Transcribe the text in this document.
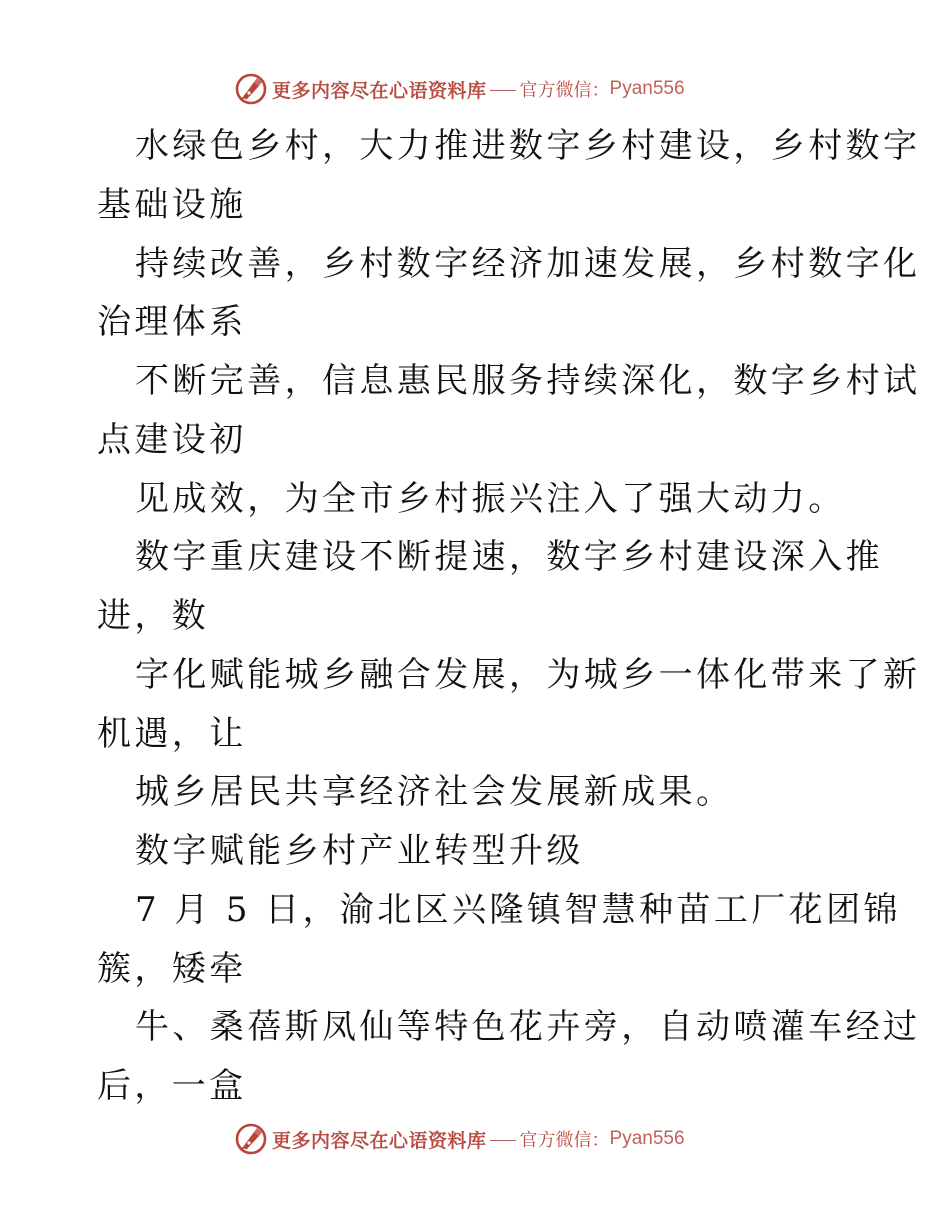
更多内容尽在心语资料库 官方微信： Pyan556
水绿色乡村，大力推进数字乡村建设，乡村数字
基础设施
持续改善，乡村数字经济加速发展，乡村数字化
治理体系
不断完善，信息惠民服务持续深化，数字乡村试
点建设初
见成效，为全市乡村振兴注入了强大动力。
数字重庆建设不断提速，数字乡村建设深入推
进，数
字化赋能城乡融合发展，为城乡一体化带来了新
机遇，让
城乡居民共享经济社会发展新成果。
数字赋能乡村产业转型升级
7 月 5 日，渝北区兴隆镇智慧种苗工厂花团锦
簇，矮牵
牛、桑蓓斯凤仙等特色花卉旁，自动喷灌车经过
后，一盒
更多内容尽在心语资料库 官方微信： Pyan556
